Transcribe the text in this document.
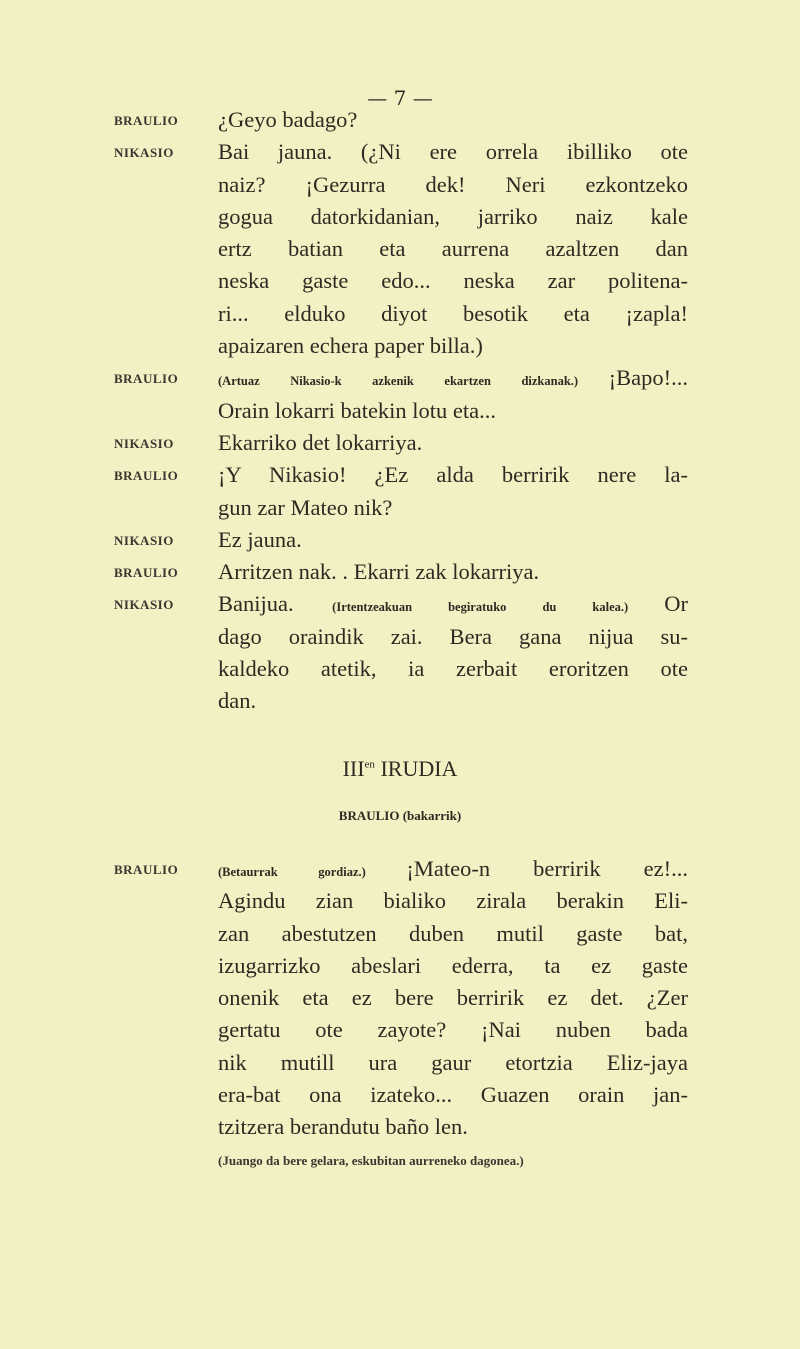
— 7 —
BRAULIO ¿Geyo badago?
NIKASIO Bai jauna. (¿Ni ere orrela ibilliko ote
naiz? ¡Gezurra dek! Neri ezkontzeko
gogua datorkidanian, jarriko naiz kale
ertz batian eta aurrena azaltzen dan
neska gaste edo... neska zar politena-
ri... elduko diyot besotik eta ¡zapla!
apaizaren echera paper billa.)
BRAULIO	(Artuaz Nikasio-k azkenik ekartzen dizkanak.) ¡Bapo!...
Orain lokarri batekin lotu eta...
NIKASIO Ekarriko det lokarriya.
BRAULIO ¡Y Nikasio! ¿Ez alda berririk nere la-
gun zar Mateo nik?
NIKASIO Ez jauna.
BRAULIO Arritzen nak. . Ekarri zak lokarriya.
NIKASIO Banijua. (Irtentzeakuan begiratuko du kalea.) Or
dago oraindik zai. Bera gana nijua su-
kaldeko atetik, ia zerbait eroritzen ote
dan.
$III^{en}$ IRUDIA
BRAULIO (bakarrik)
BRAULIO	(Betaurrak gordiaz.) ¡Mateo-n berririk ez!...
Agindu zian bialiko zirala berakin Eli-
zan abestutzen duben mutil gaste bat,
izugarrizko abeslari ederra, ta ez gaste
onenik eta ez bere berririk ez det. ¿Zer
gertatu ote zayote? ¡Nai nuben bada
nik mutill ura gaur etortzia Eliz-jaya
era-bat ona izateko... Guazen orain jan-
tzitzera berandutu baño len.
(Juango da bere gelara, eskubitan aurreneko dagonea.)
